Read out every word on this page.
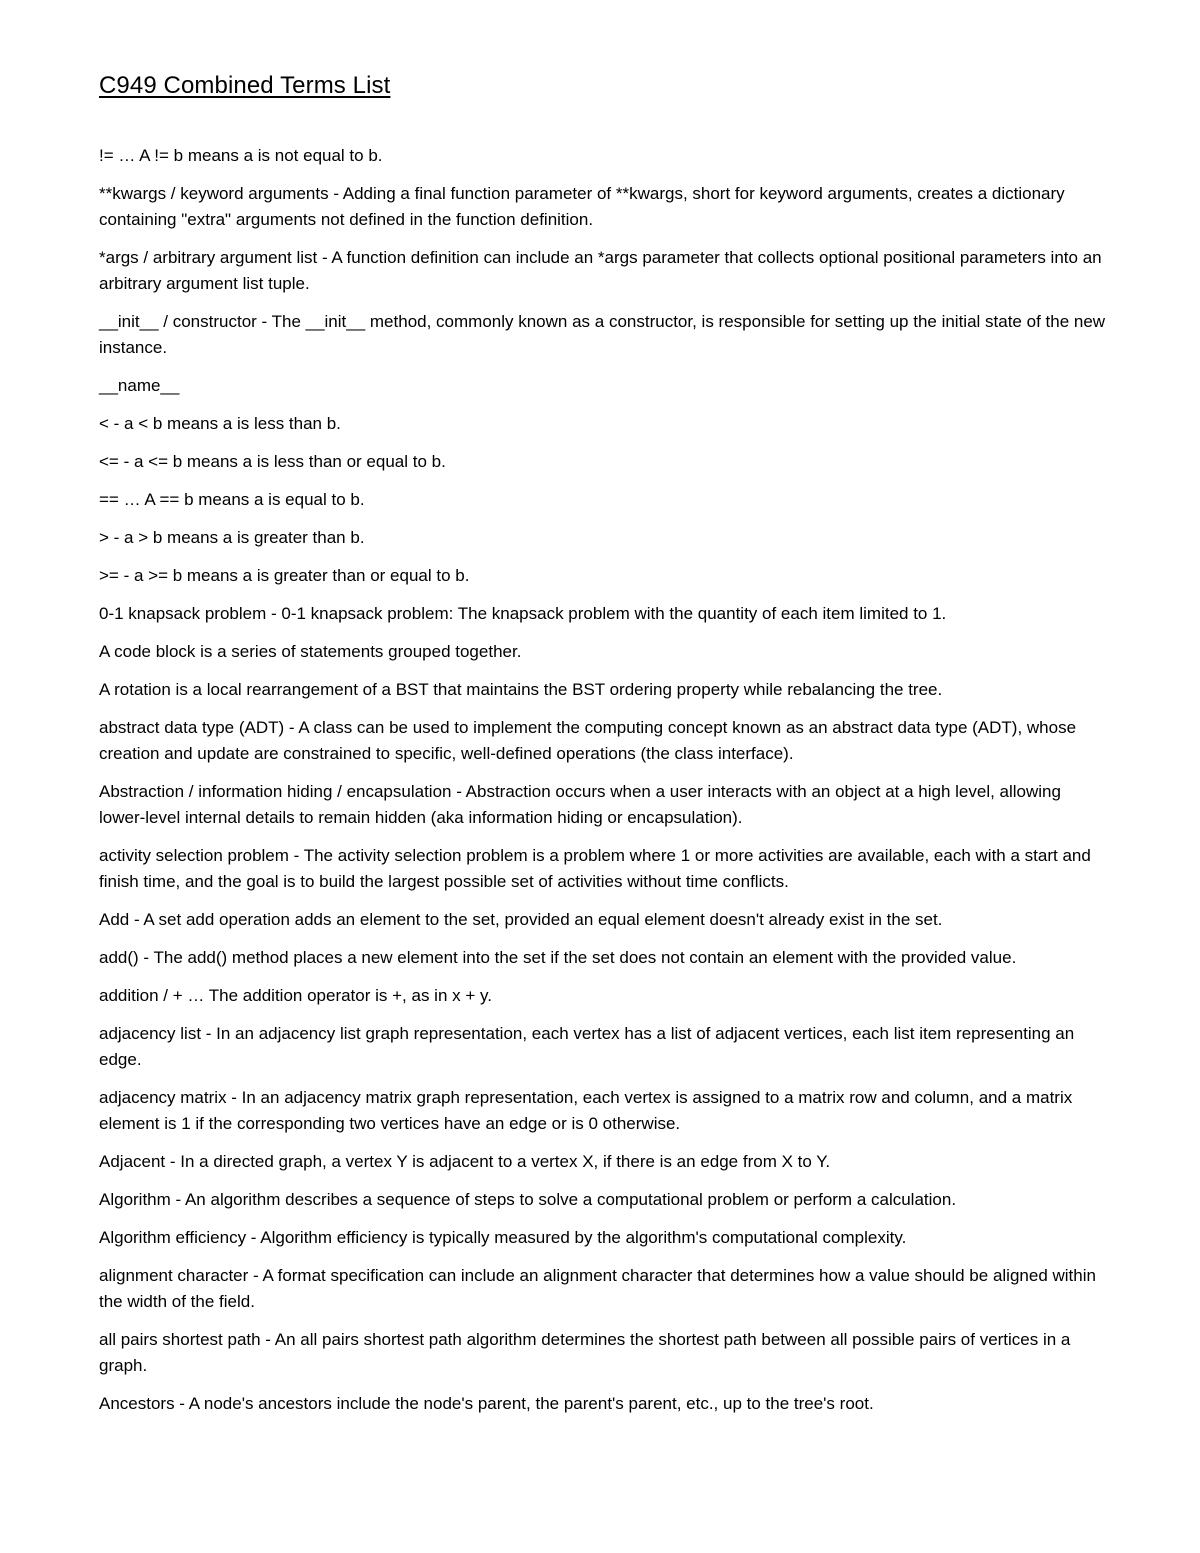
C949 Combined Terms List

!= … A != b means a is not equal to b.

**kwargs / keyword arguments - Adding a final function parameter of **kwargs, short for keyword arguments, creates a dictionary containing "extra" arguments not defined in the function definition.

*args / arbitrary argument list - A function definition can include an *args parameter that collects optional positional parameters into an arbitrary argument list tuple.

__init__ / constructor - The __init__ method, commonly known as a constructor, is responsible for setting up the initial state of the new instance.

__name__

< - a < b means a is less than b.

<= - a <= b means a is less than or equal to b.

== … A == b means a is equal to b.

> - a > b means a is greater than b.

>= - a >= b means a is greater than or equal to b.

0-1 knapsack problem - 0-1 knapsack problem: The knapsack problem with the quantity of each item limited to 1.

A code block is a series of statements grouped together.

A rotation is a local rearrangement of a BST that maintains the BST ordering property while rebalancing the tree.

abstract data type (ADT) - A class can be used to implement the computing concept known as an abstract data type (ADT), whose creation and update are constrained to specific, well-defined operations (the class interface).

Abstraction / information hiding / encapsulation - Abstraction occurs when a user interacts with an object at a high level, allowing lower-level internal details to remain hidden (aka information hiding or encapsulation).

activity selection problem - The activity selection problem is a problem where 1 or more activities are available, each with a start and finish time, and the goal is to build the largest possible set of activities without time conflicts.

Add - A set add operation adds an element to the set, provided an equal element doesn't already exist in the set.

add() - The add() method places a new element into the set if the set does not contain an element with the provided value.

addition / + … The addition operator is +, as in x + y.

adjacency list - In an adjacency list graph representation, each vertex has a list of adjacent vertices, each list item representing an edge.

adjacency matrix - In an adjacency matrix graph representation, each vertex is assigned to a matrix row and column, and a matrix element is 1 if the corresponding two vertices have an edge or is 0 otherwise.

Adjacent - In a directed graph, a vertex Y is adjacent to a vertex X, if there is an edge from X to Y.

Algorithm - An algorithm describes a sequence of steps to solve a computational problem or perform a calculation.

Algorithm efficiency - Algorithm efficiency is typically measured by the algorithm's computational complexity.

alignment character - A format specification can include an alignment character that determines how a value should be aligned within the width of the field.

all pairs shortest path - An all pairs shortest path algorithm determines the shortest path between all possible pairs of vertices in a graph.

Ancestors - A node's ancestors include the node's parent, the parent's parent, etc., up to the tree's root.
